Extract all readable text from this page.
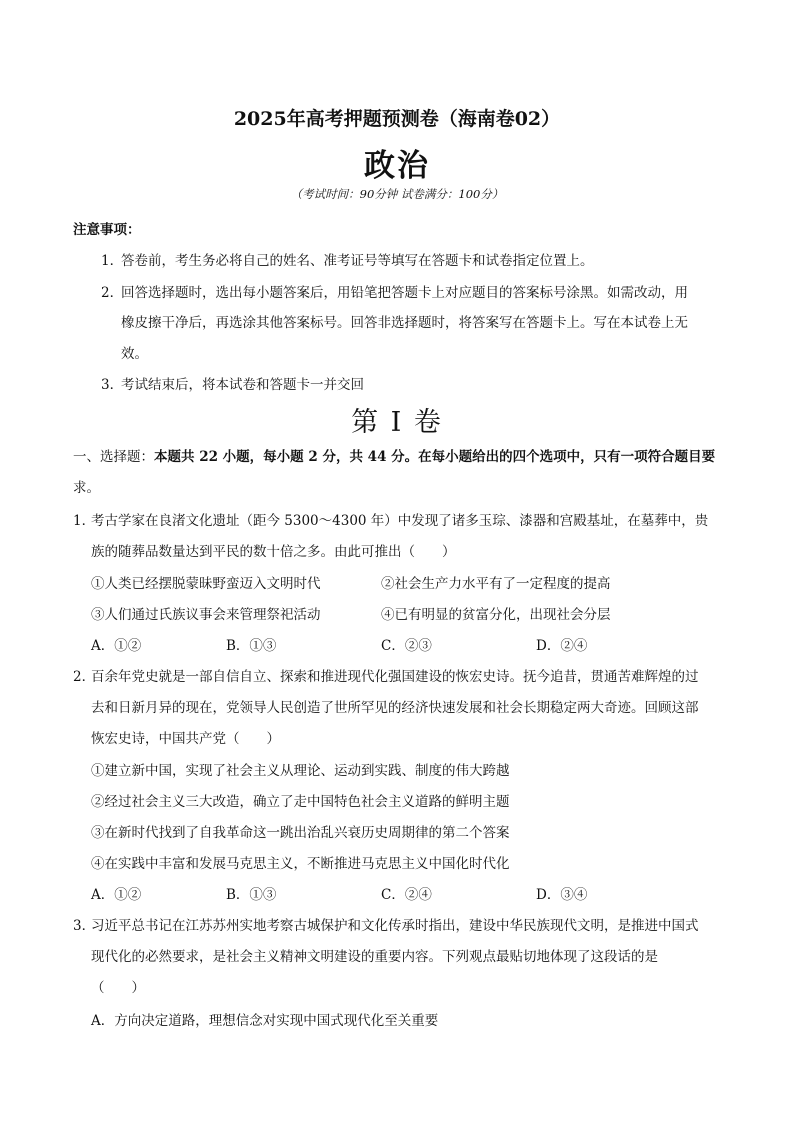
2025年高考押题预测卷（海南卷02）
政治
（考试时间：90分钟 试卷满分：100分）
注意事项：
1．
答卷前，考生务必将自己的姓名、准考证号等填写在答题卡和试卷指定位置上。
2．
回答选择题时，选出每小题答案后，用铅笔把答题卡上对应题目的答案标号涂黑。如需改动，用
橡皮擦干净后，再选涂其他答案标号。回答非选择题时，将答案写在答题卡上。写在本试卷上无
效。
3．
考试结束后，将本试卷和答题卡一并交回
第 I 卷
一、选择题：本题共 22 小题，每小题 2 分，共 44 分。在每小题给出的四个选项中，只有一项符合题目要
求。
1．
考古学家在良渚文化遗址（距今 5300～4300 年）中发现了诸多玉琮、漆器和宫殿基址，在墓葬中，贵
族的随葬品数量达到平民的数十倍之多。由此可推出（　　）
①人类已经摆脱蒙昧野蛮迈入文明时代	②社会生产力水平有了一定程度的提高
③人们通过氏族议事会来管理祭祀活动	④已有明显的贫富分化，出现社会分层
A．①②	B．①③	C．②③	D．②④
2．
百余年党史就是一部自信自立、探索和推进现代化强国建设的恢宏史诗。抚今追昔，贯通苦难辉煌的过
去和日新月异的现在，党领导人民创造了世所罕见的经济快速发展和社会长期稳定两大奇迹。回顾这部
恢宏史诗，中国共产党（　　）
①建立新中国，实现了社会主义从理论、运动到实践、制度的伟大跨越
②经过社会主义三大改造，确立了走中国特色社会主义道路的鲜明主题
③在新时代找到了自我革命这一跳出治乱兴衰历史周期律的第二个答案
④在实践中丰富和发展马克思主义，不断推进马克思主义中国化时代化
A．①②	B．①③	C．②④	D．③④
3．
习近平总书记在江苏苏州实地考察古城保护和文化传承时指出，建设中华民族现代文明，是推进中国式
现代化的必然要求，是社会主义精神文明建设的重要内容。下列观点最贴切地体现了这段话的是
（　　）
A．方向决定道路，理想信念对实现中国式现代化至关重要
